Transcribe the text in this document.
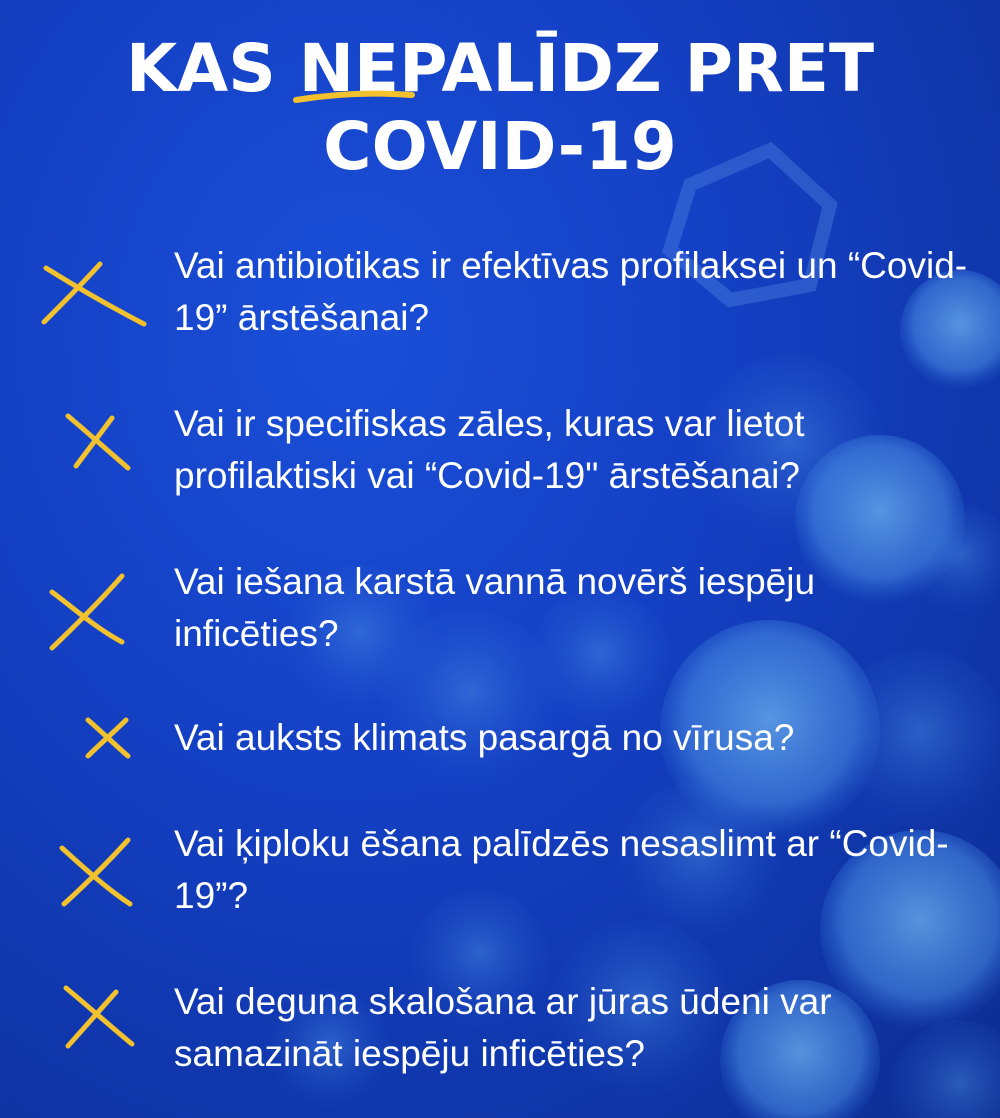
KAS NEPALĪDZ PRET
COVID-19

Vai antibiotikas ir efektīvas profilaksei un “Covid-19” ārstēšanai?

Vai ir specifiskas zāles, kuras var lietot profilaktiski vai “Covid-19" ārstēšanai?

Vai iešana karstā vannā novērš iespēju inficēties?

Vai auksts klimats pasargā no vīrusa?

Vai ķiploku ēšana palīdzēs nesaslimt ar “Covid-19”?

Vai deguna skalošana ar jūras ūdeni var samazināt iespēju inficēties?
